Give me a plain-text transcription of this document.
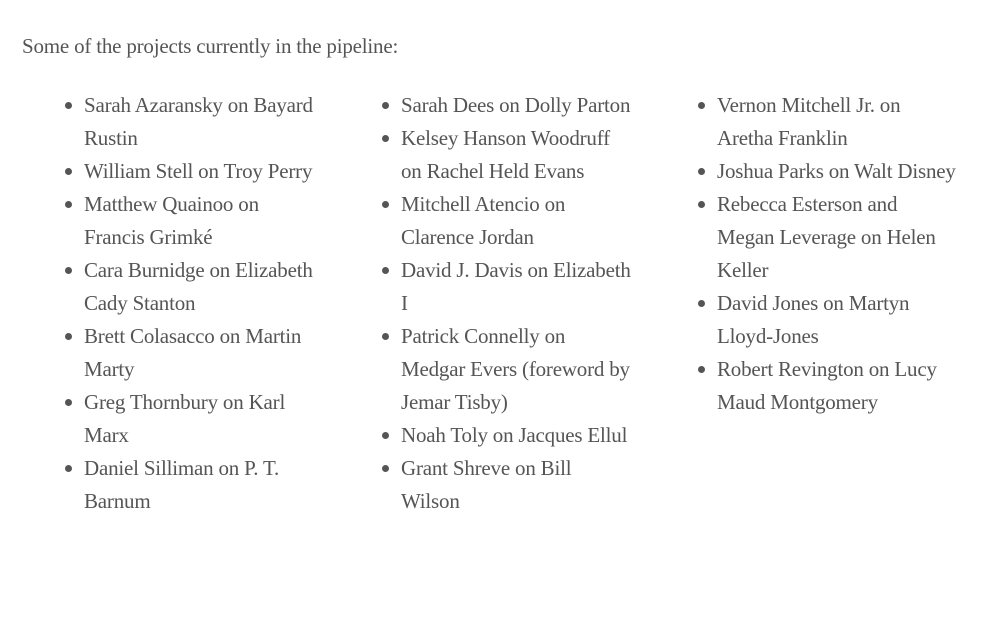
Some of the projects currently in the pipeline:

Sarah Azaransky on Bayard Rustin
William Stell on Troy Perry
Matthew Quainoo on Francis Grimké
Cara Burnidge on Elizabeth Cady Stanton
Brett Colasacco on Martin Marty
Greg Thornbury on Karl Marx
Daniel Silliman on P. T. Barnum
Sarah Dees on Dolly Parton
Kelsey Hanson Woodruff on Rachel Held Evans
Mitchell Atencio on Clarence Jordan
David J. Davis on Elizabeth I
Patrick Connelly on Medgar Evers (foreword by Jemar Tisby)
Noah Toly on Jacques Ellul
Grant Shreve on Bill Wilson
Vernon Mitchell Jr. on Aretha Franklin
Joshua Parks on Walt Disney
Rebecca Esterson and Megan Leverage on Helen Keller
David Jones on Martyn Lloyd-Jones
Robert Revington on Lucy Maud Montgomery
